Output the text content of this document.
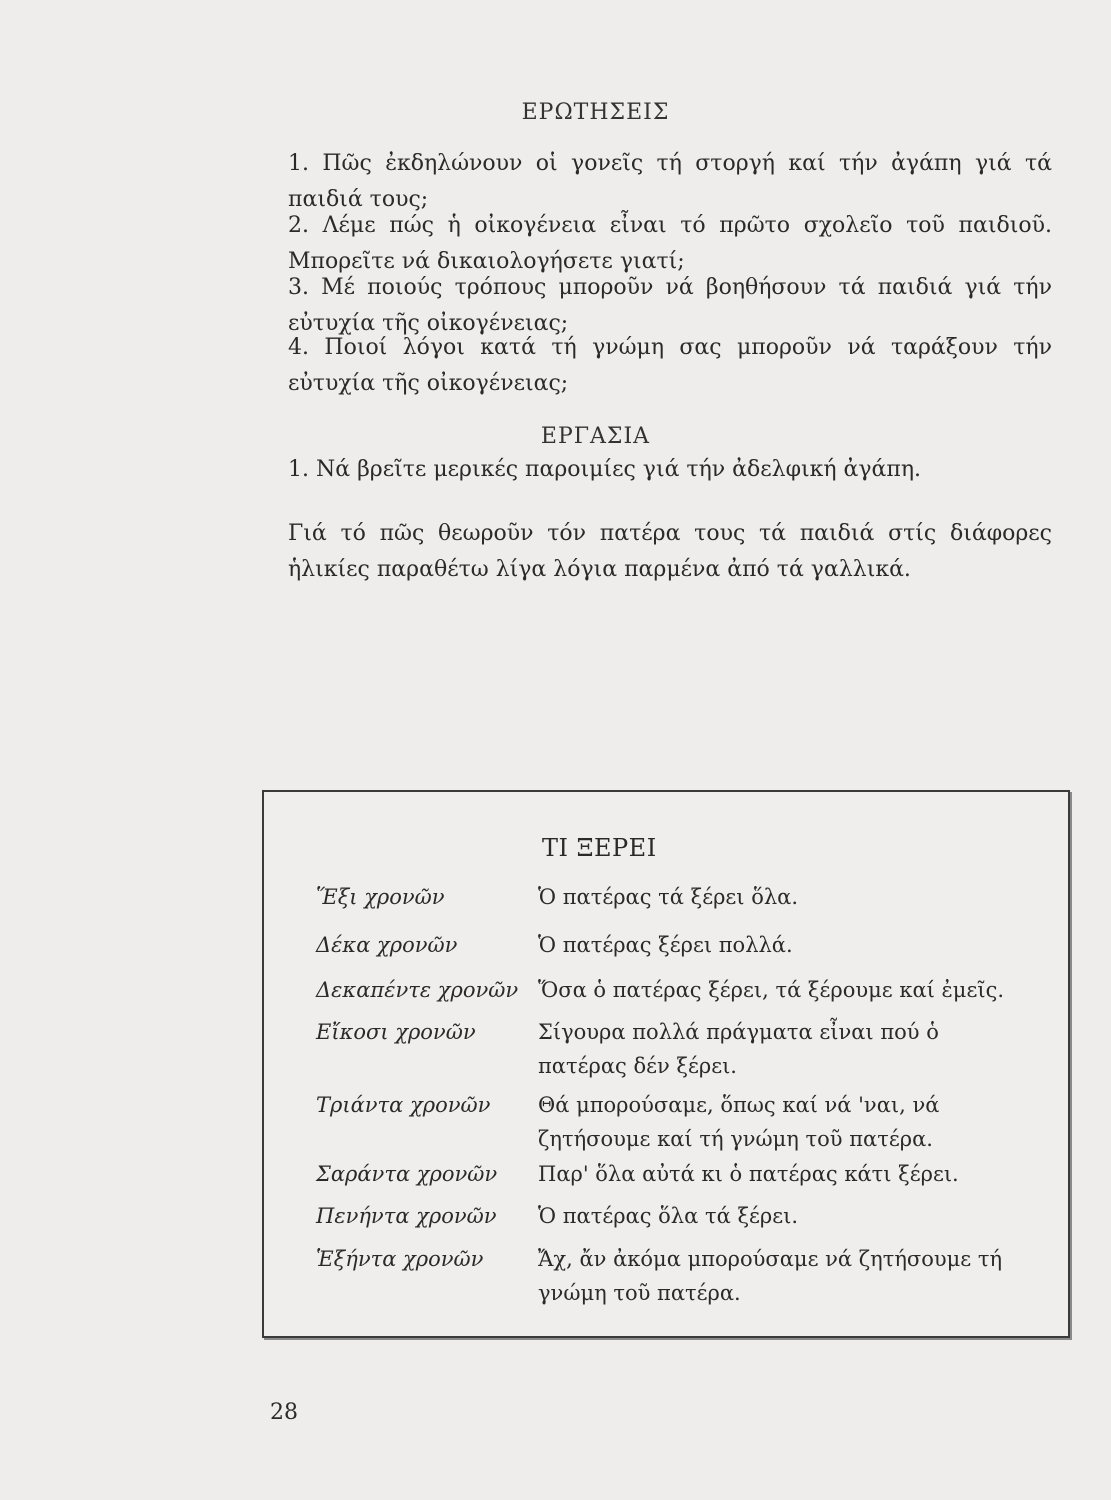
ΕΡΩΤΗΣΕΙΣ
1. Πῶς ἐκδηλώνουν οἱ γονεῖς τή στοργή καί τήν ἀγάπη γιά τά παιδιά τους;
2. Λέμε πώς ἡ οἰκογένεια εἶναι τό πρῶτο σχολεῖο τοῦ παιδιοῦ. Μπορεῖτε νά δικαιολογήσετε γιατί;
3. Μέ ποιούς τρόπους μποροῦν νά βοηθήσουν τά παιδιά γιά τήν εὐτυχία τῆς οἰκογένειας;
4. Ποιοί λόγοι κατά τή γνώμη σας μποροῦν νά ταράξουν τήν εὐτυχία τῆς οἰκογένειας;
ΕΡΓΑΣΙΑ
1. Νά βρεῖτε μερικές παροιμίες γιά τήν ἀδελφική ἀγάπη.
Γιά τό πῶς θεωροῦν τόν πατέρα τους τά παιδιά στίς διάφορες ἡλικίες παραθέτω λίγα λόγια παρμένα ἀπό τά γαλλικά.
ΤΙ ΞΕΡΕΙ
Ἕξι χρονῶν	Ὁ πατέρας τά ξέρει ὅλα.
Δέκα χρονῶν	Ὁ πατέρας ξέρει πολλά.
Δεκαπέντε χρονῶν Ὅσα ὁ πατέρας ξέρει, τά ξέρουμε καί ἐμεῖς.
Εἴκοσι χρονῶν	Σίγουρα πολλά πράγματα εἶναι πού ὁ πατέρας δέν ξέρει.
Τριάντα χρονῶν	Θά μπορούσαμε, ὅπως καί νά 'ναι, νά ζητήσουμε καί τή γνώμη τοῦ πατέρα.
Σαράντα χρονῶν	Παρ' ὅλα αὐτά κι ὁ πατέρας κάτι ξέρει.
Πενήντα χρονῶν	Ὁ πατέρας ὅλα τά ξέρει.
Ἑξήντα χρονῶν	Ἄχ, ἄν ἀκόμα μπορούσαμε νά ζητήσουμε τή γνώμη τοῦ πατέρα.
28
